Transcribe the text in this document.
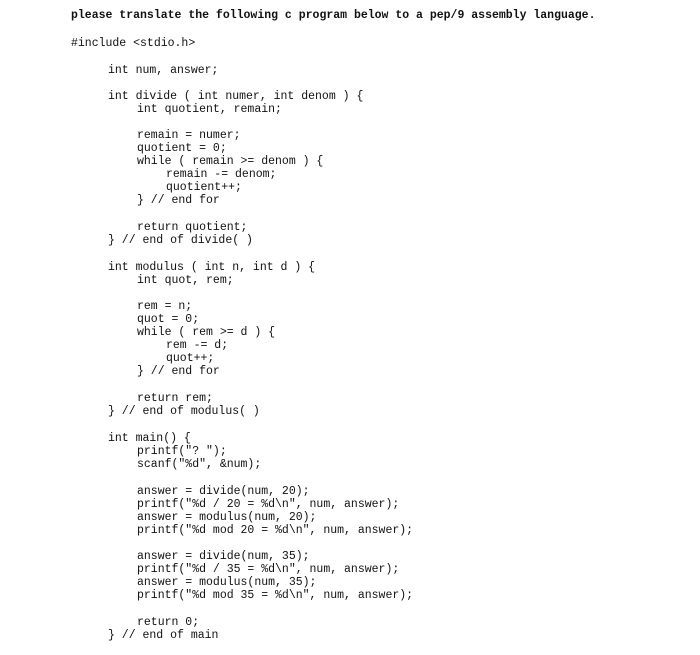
please translate the following c program below to a pep/9 assembly language.
#include <stdio.h>
int num, answer;
int divide ( int numer, int denom ) {
int quotient, remain;
remain = numer;
quotient = 0;
while ( remain >= denom ) {
remain -= denom;
quotient++;
} // end for
return quotient;
} // end of divide( )
int modulus ( int n, int d ) {
int quot, rem;
rem = n;
quot = 0;
while ( rem >= d ) {
rem -= d;
quot++;
} // end for
return rem;
} // end of modulus( )
int main() {
printf("? ");
scanf("%d", &num);
answer = divide(num, 20);
printf("%d / 20 = %d\n", num, answer);
answer = modulus(num, 20);
printf("%d mod 20 = %d\n", num, answer);
answer = divide(num, 35);
printf("%d / 35 = %d\n", num, answer);
answer = modulus(num, 35);
printf("%d mod 35 = %d\n", num, answer);
return 0;
} // end of main
